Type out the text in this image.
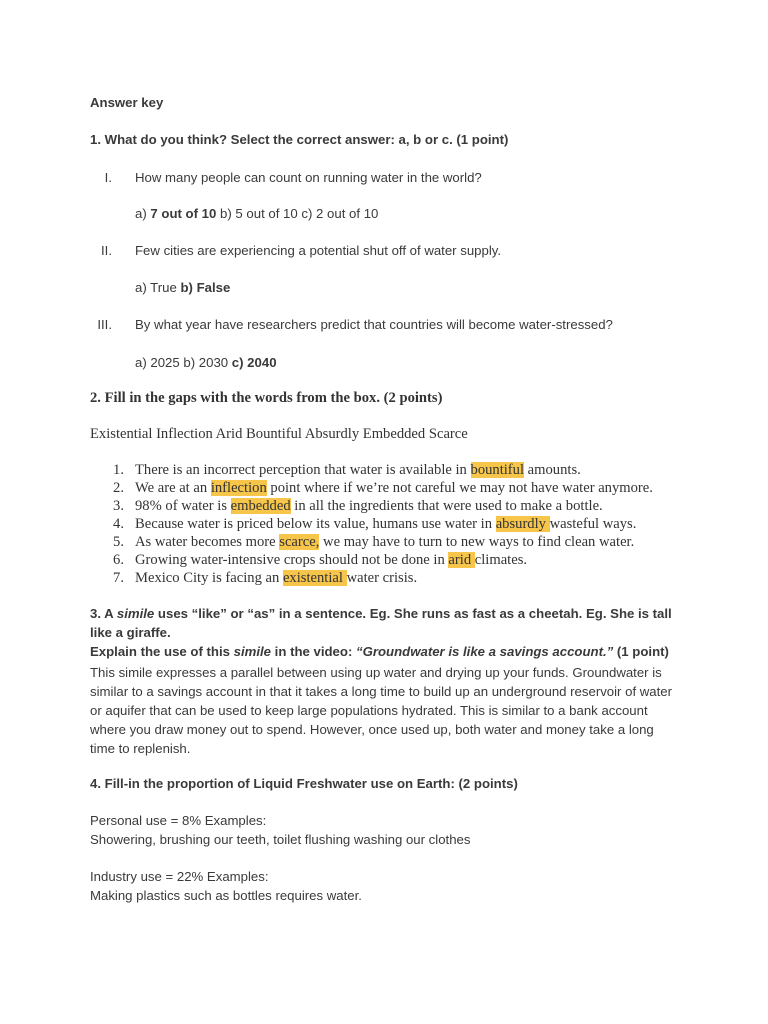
Answer key
1. What do you think? Select the correct answer: a, b or c. (1 point)
I. How many people can count on running water in the world?
a) 7 out of 10 b) 5 out of 10 c) 2 out of 10
II. Few cities are experiencing a potential shut off of water supply.
a) True b) False
III. By what year have researchers predict that countries will become water-stressed?
a) 2025 b) 2030 c) 2040
2. Fill in the gaps with the words from the box. (2 points)
Existential Inflection Arid Bountiful Absurdly Embedded Scarce
1. There is an incorrect perception that water is available in bountiful amounts.
2. We are at an inflection point where if we’re not careful we may not have water anymore.
3. 98% of water is embedded in all the ingredients that were used to make a bottle.
4. Because water is priced below its value, humans use water in absurdly wasteful ways.
5. As water becomes more scarce, we may have to turn to new ways to find clean water.
6. Growing water-intensive crops should not be done in arid climates.
7. Mexico City is facing an existential water crisis.
3. A simile uses “like” or “as” in a sentence. Eg. She runs as fast as a cheetah. Eg. She is tall
like a giraffe.
Explain the use of this simile in the video: “Groundwater is like a savings account.” (1 point)
This simile expresses a parallel between using up water and drying up your funds. Groundwater is similar to a savings account in that it takes a long time to build up an underground reservoir of water or aquifer that can be used to keep large populations hydrated. This is similar to a bank account where you draw money out to spend. However, once used up, both water and money take a long time to replenish.
4. Fill-in the proportion of Liquid Freshwater use on Earth: (2 points)
Personal use = 8% Examples:
Showering, brushing our teeth, toilet flushing washing our clothes
Industry use = 22% Examples:
Making plastics such as bottles requires water.
